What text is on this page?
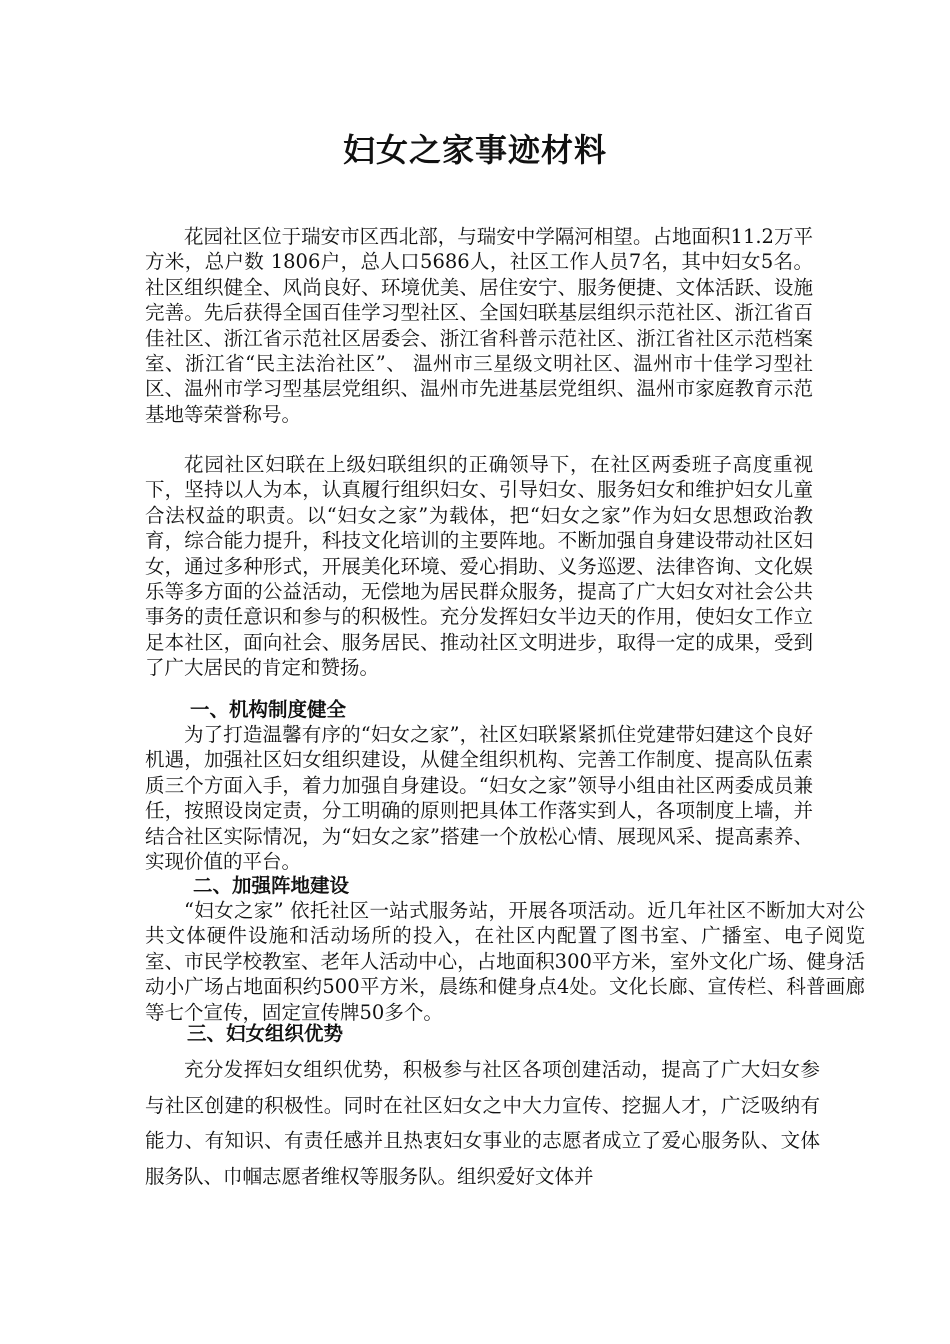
妇女之家事迹材料

花园社区位于瑞安市区西北部，与瑞安中学隔河相望。占地面积11.2万平方米，总户数 1806户，总人口5686人，社区工作人员7名，其中妇女5名。社区组织健全、风尚良好、环境优美、居住安宁、服务便捷、文体活跃、设施完善。先后获得全国百佳学习型社区、全国妇联基层组织示范社区、浙江省百佳社区、浙江省示范社区居委会、浙江省科普示范社区、浙江省社区示范档案室、浙江省“民主法治社区”、 温州市三星级文明社区、温州市十佳学习型社区、温州市学习型基层党组织、温州市先进基层党组织、温州市家庭教育示范基地等荣誉称号。

花园社区妇联在上级妇联组织的正确领导下，在社区两委班子高度重视下，坚持以人为本，认真履行组织妇女、引导妇女、服务妇女和维护妇女儿童合法权益的职责。以“妇女之家”为载体，把“妇女之家”作为妇女思想政治教育，综合能力提升，科技文化培训的主要阵地。不断加强自身建设带动社区妇女，通过多种形式，开展美化环境、爱心捐助、义务巡逻、法律咨询、文化娱乐等多方面的公益活动，无偿地为居民群众服务，提高了广大妇女对社会公共事务的责任意识和参与的积极性。充分发挥妇女半边天的作用，使妇女工作立足本社区，面向社会、服务居民、推动社区文明进步，取得一定的成果，受到了广大居民的肯定和赞扬。

一、机构制度健全

为了打造温馨有序的“妇女之家”，社区妇联紧紧抓住党建带妇建这个良好机遇，加强社区妇女组织建设，从健全组织机构、完善工作制度、提高队伍素质三个方面入手，着力加强自身建设。“妇女之家”领导小组由社区两委成员兼任，按照设岗定责，分工明确的原则把具体工作落实到人，各项制度上墙，并结合社区实际情况，为“妇女之家”搭建一个放松心情、展现风采、提高素养、实现价值的平台。

二、加强阵地建设

“妇女之家” 依托社区一站式服务站，开展各项活动。近几年社区不断加大对公共文体硬件设施和活动场所的投入，在社区内配置了图书室、广播室、电子阅览室、市民学校教室、老年人活动中心，占地面积300平方米，室外文化广场、健身活动小广场占地面积约500平方米，晨练和健身点4处。文化长廊、宣传栏、科普画廊等七个宣传，固定宣传牌50多个。

三、妇女组织优势

充分发挥妇女组织优势，积极参与社区各项创建活动，提高了广大妇女参与社区创建的积极性。同时在社区妇女之中大力宣传、挖掘人才，广泛吸纳有能力、有知识、有责任感并且热衷妇女事业的志愿者成立了爱心服务队、文体服务队、巾帼志愿者维权等服务队。组织爱好文体并
